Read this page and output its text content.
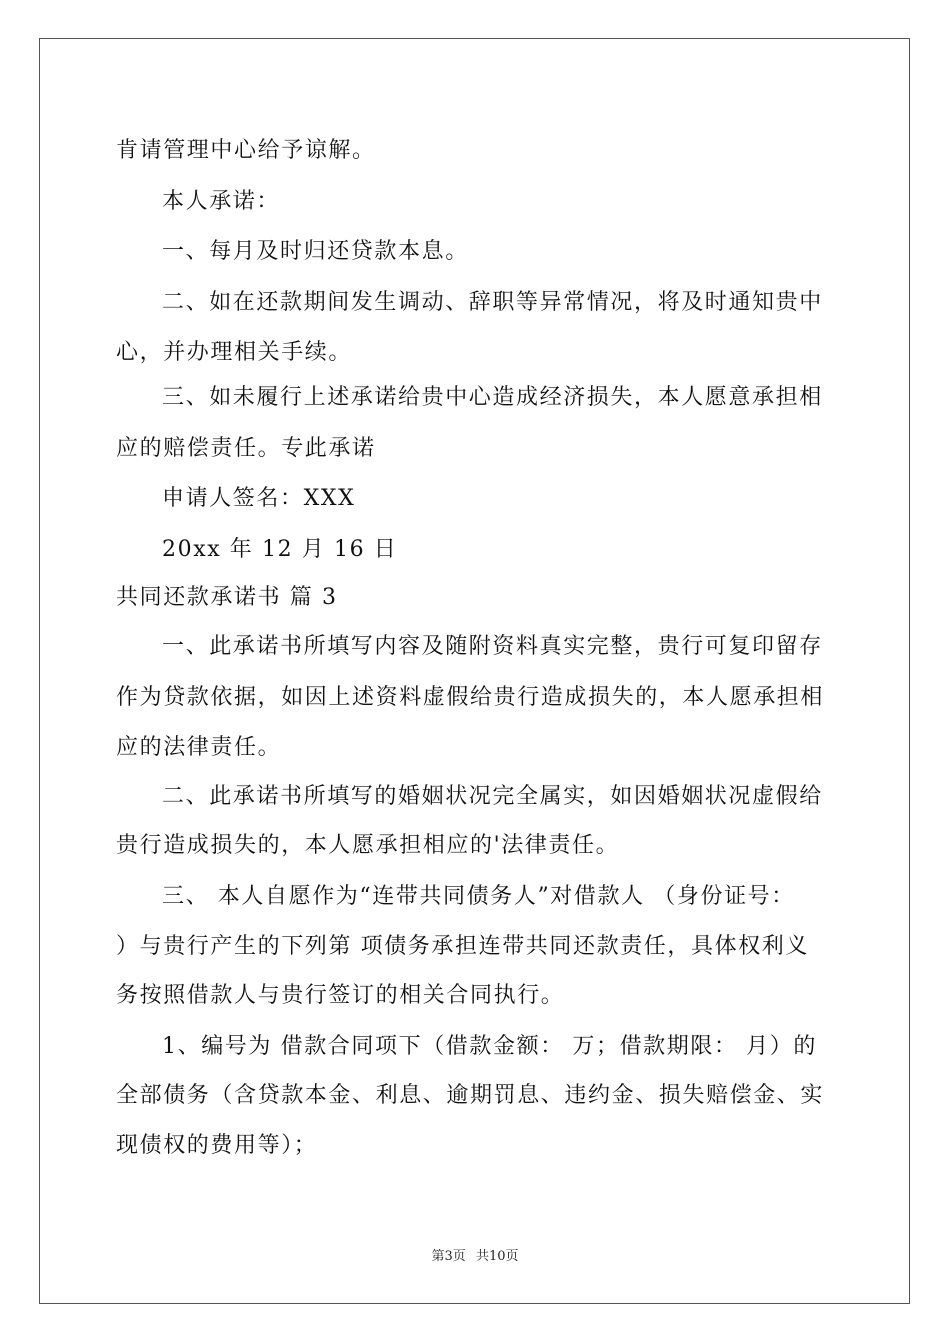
肯请管理中心给予谅解。
本人承诺：
一、每月及时归还贷款本息。
二、如在还款期间发生调动、辞职等异常情况，将及时通知贵中
心，并办理相关手续。
三、如未履行上述承诺给贵中心造成经济损失，本人愿意承担相
应的赔偿责任。专此承诺
申请人签名：XXX
20xx 年 12 月 16 日
共同还款承诺书 篇 3
一、此承诺书所填写内容及随附资料真实完整，贵行可复印留存
作为贷款依据，如因上述资料虚假给贵行造成损失的，本人愿承担相
应的法律责任。
二、此承诺书所填写的婚姻状况完全属实，如因婚姻状况虚假给
贵行造成损失的，本人愿承担相应的'法律责任。
三、 本人自愿作为“连带共同债务人”对借款人 （身份证号：
）与贵行产生的下列第 项债务承担连带共同还款责任，具体权利义
务按照借款人与贵行签订的相关合同执行。
1、编号为 借款合同项下（借款金额： 万；借款期限： 月）的
全部债务（含贷款本金、利息、逾期罚息、违约金、损失赔偿金、实
现债权的费用等）；
第3页 共10页
